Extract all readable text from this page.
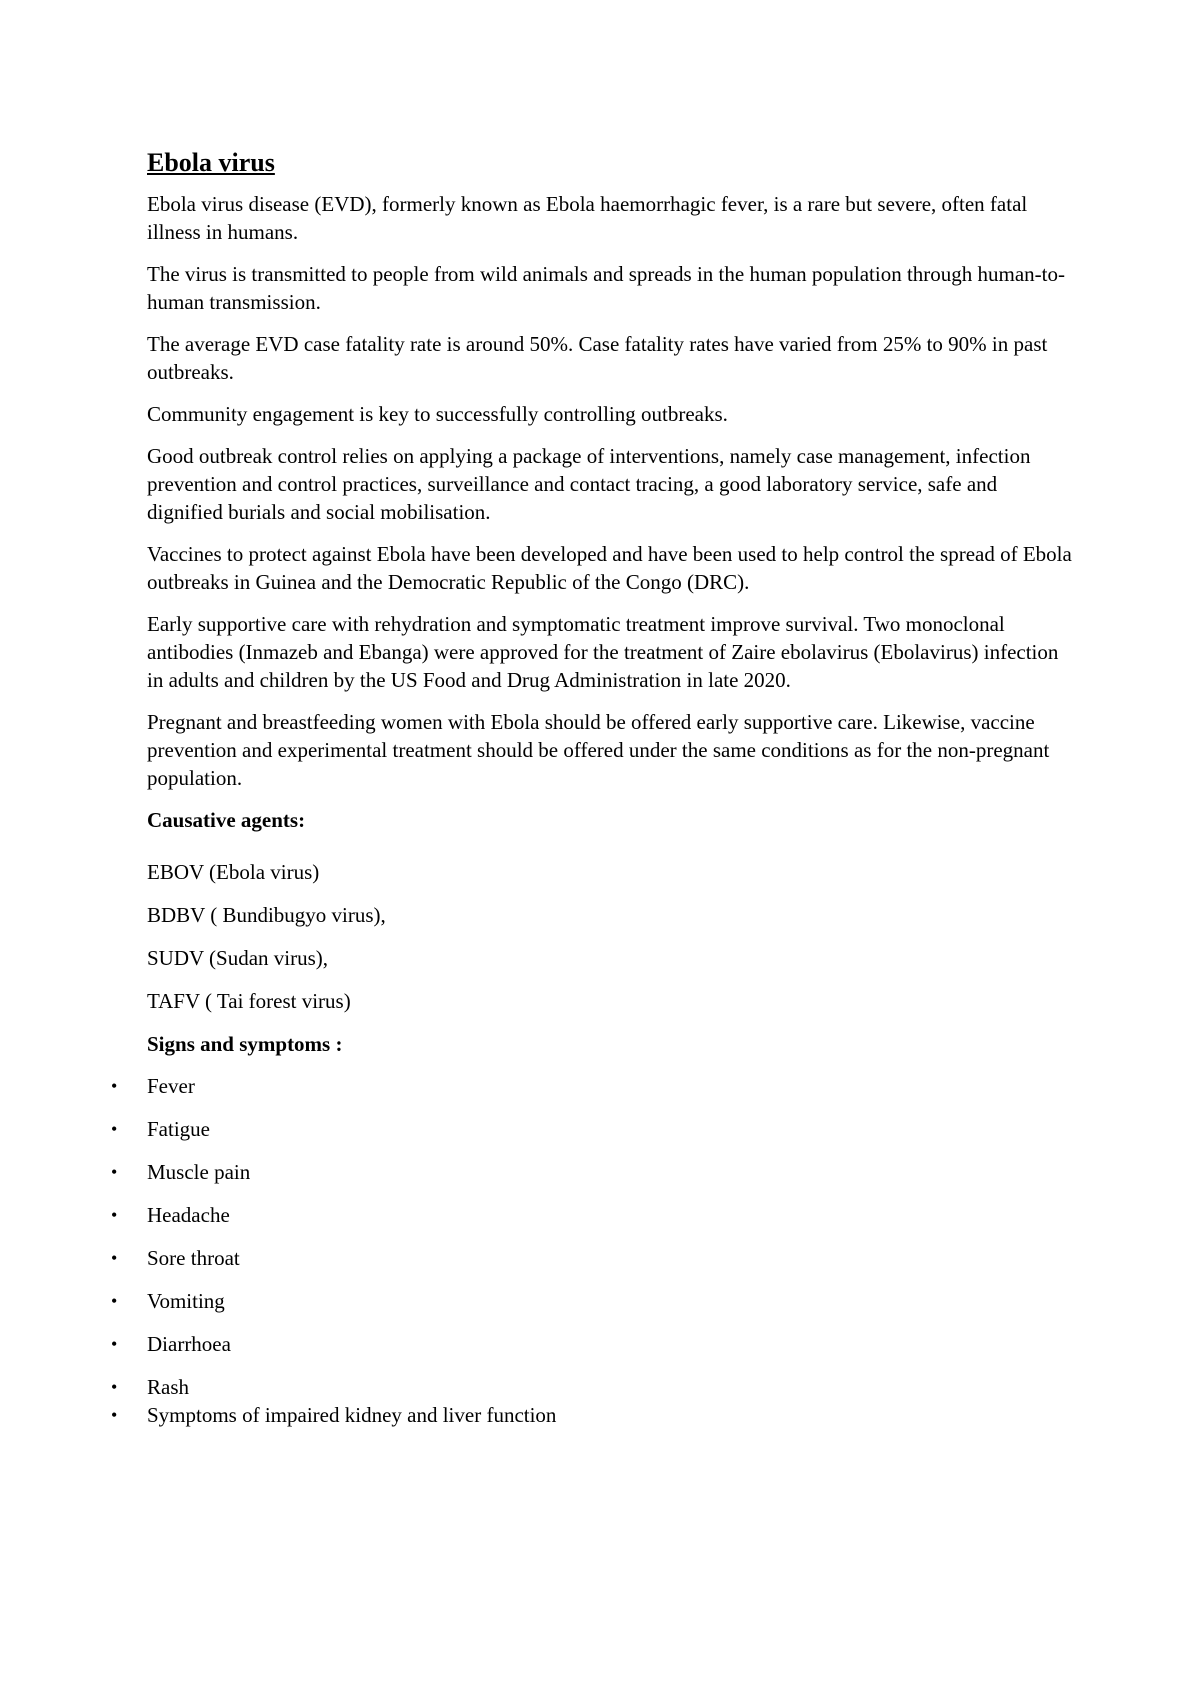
Ebola virus

Ebola virus disease (EVD), formerly known as Ebola haemorrhagic fever, is a rare but severe, often fatal illness in humans.

The virus is transmitted to people from wild animals and spreads in the human population through human-to-human transmission.

The average EVD case fatality rate is around 50%. Case fatality rates have varied from 25% to 90% in past outbreaks.

Community engagement is key to successfully controlling outbreaks.

Good outbreak control relies on applying a package of interventions, namely case management, infection prevention and control practices, surveillance and contact tracing, a good laboratory service, safe and dignified burials and social mobilisation.

Vaccines to protect against Ebola have been developed and have been used to help control the spread of Ebola outbreaks in Guinea and the Democratic Republic of the Congo (DRC).

Early supportive care with rehydration and symptomatic treatment improve survival. Two monoclonal antibodies (Inmazeb and Ebanga) were approved for the treatment of Zaire ebolavirus (Ebolavirus) infection in adults and children by the US Food and Drug Administration in late 2020.

Pregnant and breastfeeding women with Ebola should be offered early supportive care. Likewise, vaccine prevention and experimental treatment should be offered under the same conditions as for the non-pregnant population.

Causative agents:
EBOV (Ebola virus)
BDBV ( Bundibugyo virus),
SUDV (Sudan virus),
TAFV ( Tai forest virus)
Signs and symptoms :
• Fever
• Fatigue
• Muscle pain
• Headache
• Sore throat
• Vomiting
• Diarrhoea
• Rash
• Symptoms of impaired kidney and liver function
